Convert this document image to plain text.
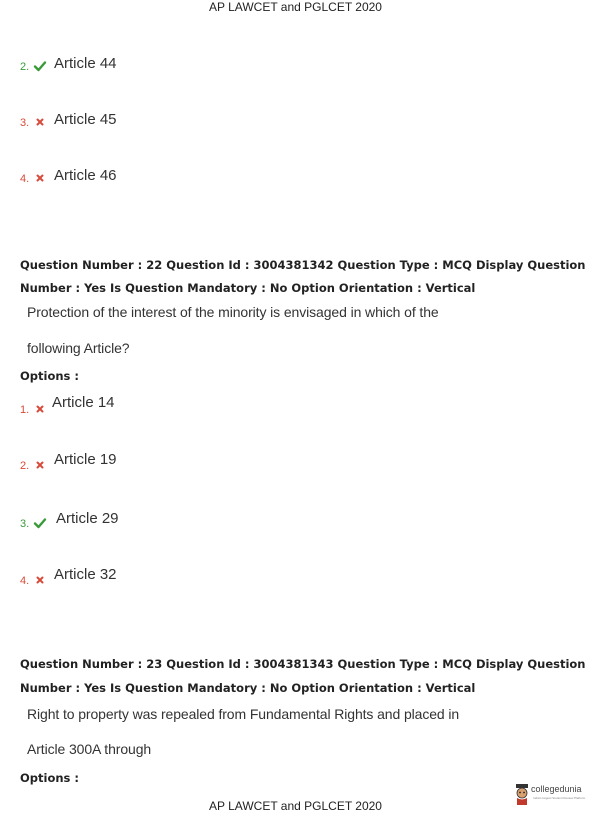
AP LAWCET and PGLCET 2020
2. Article 44
3. Article 45
4. Article 46
Question Number : 22 Question Id : 3004381342 Question Type : MCQ Display Question
Number : Yes Is Question Mandatory : No Option Orientation : Vertical
Protection of the interest of the minority is envisaged in which of the
following Article?
Options :
1. Article 14
2. Article 19
3. Article 29
4. Article 32
Question Number : 23 Question Id : 3004381343 Question Type : MCQ Display Question
Number : Yes Is Question Mandatory : No Option Orientation : Vertical
Right to property was repealed from Fundamental Rights and placed in
Article 300A through
Options :
collegedunia
India's largest Student Review Platform
AP LAWCET and PGLCET 2020
